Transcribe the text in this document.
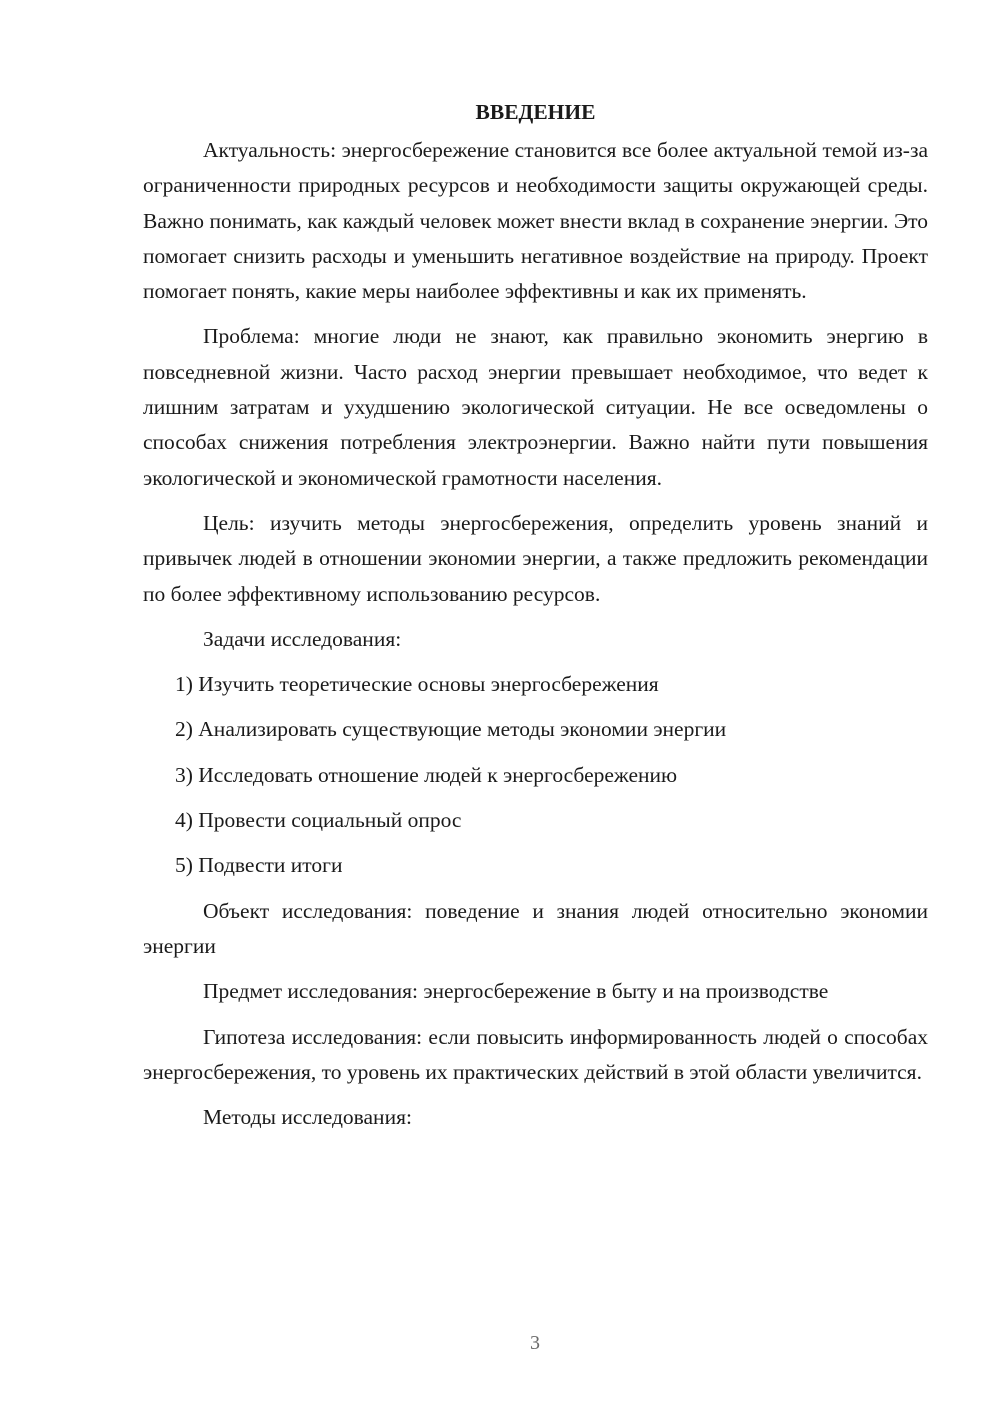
ВВЕДЕНИЕ

Актуальность: энергосбережение становится все более актуальной темой из-за ограниченности природных ресурсов и необходимости защиты окружающей среды. Важно понимать, как каждый человек может внести вклад в сохранение энергии. Это помогает снизить расходы и уменьшить негативное воздействие на природу. Проект помогает понять, какие меры наиболее эффективны и как их применять.

Проблема: многие люди не знают, как правильно экономить энергию в повседневной жизни. Часто расход энергии превышает необходимое, что ведет к лишним затратам и ухудшению экологической ситуации. Не все осведомлены о способах снижения потребления электроэнергии. Важно найти пути повышения экологической и экономической грамотности населения.

Цель: изучить методы энергосбережения, определить уровень знаний и привычек людей в отношении экономии энергии, а также предложить рекомендации по более эффективному использованию ресурсов.

Задачи исследования:

1) Изучить теоретические основы энергосбережения
2) Анализировать существующие методы экономии энергии
3) Исследовать отношение людей к энергосбережению
4) Провести социальный опрос
5) Подвести итоги

Объект исследования: поведение и знания людей относительно экономии энергии

Предмет исследования: энергосбережение в быту и на производстве

Гипотеза исследования: если повысить информированность людей о способах энергосбережения, то уровень их практических действий в этой области увеличится.

Методы исследования:

3
